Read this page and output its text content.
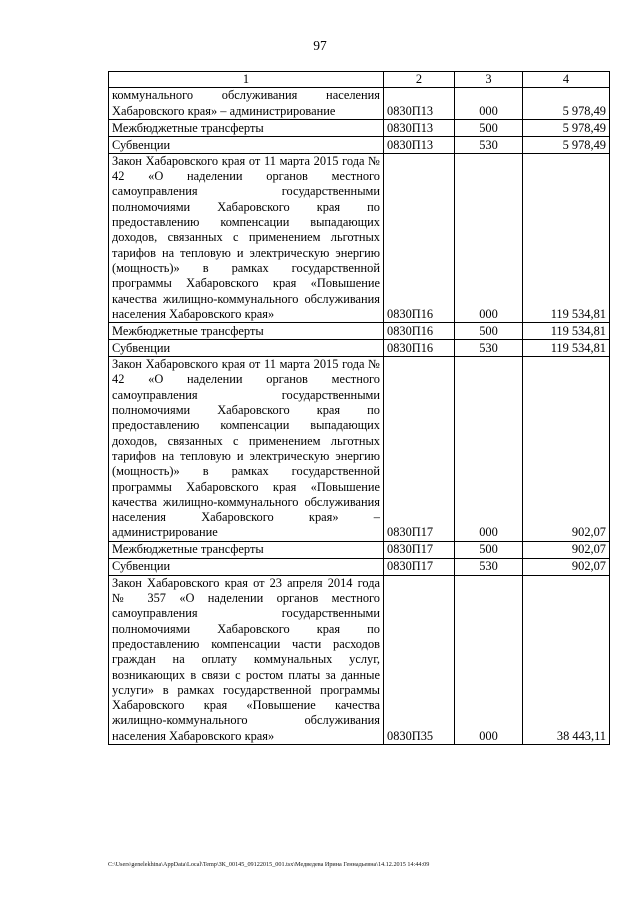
97
1	2	3	4
коммунального обслуживания населения Хабаровского края» – администрирование	0830П13	000	5 978,49
Межбюджетные трансферты	0830П13	500	5 978,49
Субвенции	0830П13	530	5 978,49
Закон Хабаровского края от 11 марта 2015 года № 42 «О наделении органов местного самоуправления государственными полномочиями Хабаровского края по предоставлению компенсации выпадающих доходов, связанных с применением льготных тарифов на тепловую и электрическую энергию (мощность)» в рамках государственной программы Хабаровского края «Повышение качества жилищно-коммунального обслуживания населения Хабаровского края»	0830П16	000	119 534,81
Межбюджетные трансферты	0830П16	500	119 534,81
Субвенции	0830П16	530	119 534,81
Закон Хабаровского края от 11 марта 2015 года № 42 «О наделении органов местного самоуправления государственными полномочиями Хабаровского края по предоставлению компенсации выпадающих доходов, связанных с применением льготных тарифов на тепловую и электрическую энергию (мощность)» в рамках государственной программы Хабаровского края «Повышение качества жилищно-коммунального обслуживания населения Хабаровского края» – администрирование	0830П17	000	902,07
Межбюджетные трансферты	0830П17	500	902,07
Субвенции	0830П17	530	902,07
Закон Хабаровского края от 23 апреля 2014 года № 357 «О наделении органов местного самоуправления государственными полномочиями Хабаровского края по предоставлению компенсации части расходов граждан на оплату коммунальных услуг, возникающих в связи с ростом платы за данные услуги» в рамках государственной программы Хабаровского края «Повышение качества жилищно-коммунального обслуживания населения Хабаровского края»	0830П35	000	38 443,11
C:\Users\genelekhina\AppData\Local\Temp\ЗК_00145_09122015_001.tsx\Медведева Ирина Геннадьевна\14.12.2015 14:44:09
